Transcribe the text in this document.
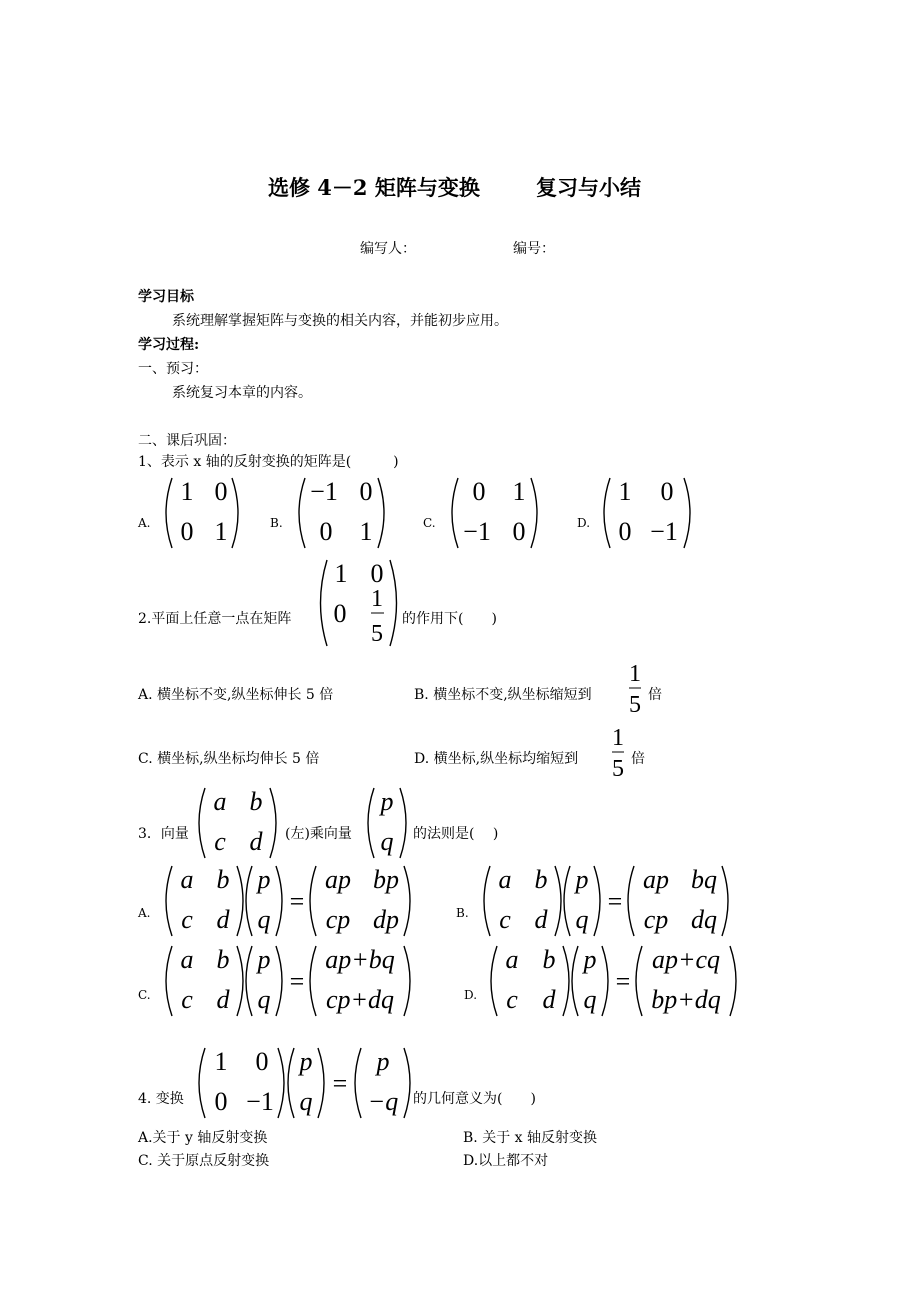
选修 4－2 矩阵与变换	复习与小结
编写人：	编号：
学习目标
系统理解掌握矩阵与变换的相关内容，并能初步应用。
学习过程:
一、预习：
系统复习本章的内容。
二、课后巩固：
1、表示 x 轴的反射变换的矩阵是(　　　)
A.	B.	C.	D.
1 0
0 1
−1 0
0 1
0 1
−1 0
1 0
0 −1
1 0
0 1
5
1
5
1
5
a b
c d
p
q
a b
c d
p
q
ap bp
cp dp
a b
c d
p
q
ap bq
cp dq
a b
c d
p
q
ap+bq
cp+dq
a b
c d
p
q
ap+cq
bp+dq
p
q
p
−q
=	=
=	=
=
1 0
0 −1
2.平面上任意一点在矩阵	的作用下(　　)
A. 横坐标不变,纵坐标伸长 5 倍	B. 横坐标不变,纵坐标缩短到	倍
C. 横坐标,纵坐标均伸长 5 倍	D. 横坐标,纵坐标均缩短到	倍
3．向量	(左)乘向量	的法则是(　 )
A.	B.
C.	D.
4. 变换	的几何意义为(　　)
A.关于 y 轴反射变换	B. 关于 x 轴反射变换
C. 关于原点反射变换	D.以上都不对
